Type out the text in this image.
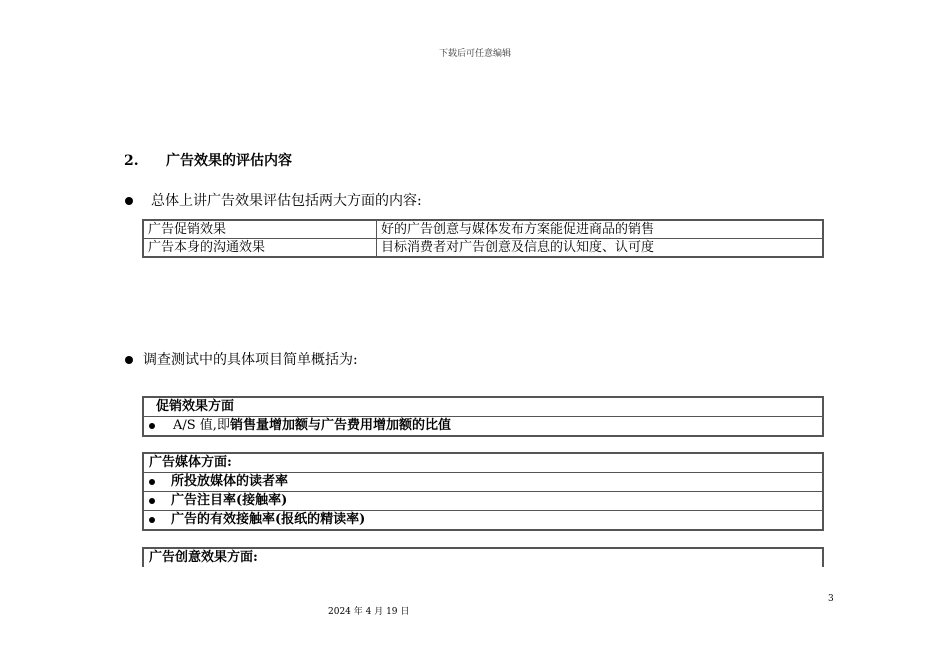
下载后可任意编辑
2. 广告效果的评估内容
总体上讲广告效果评估包括两大方面的内容:
广告促销效果	好的广告创意与媒体发布方案能促进商品的销售
广告本身的沟通效果	目标消费者对广告创意及信息的认知度、认可度
调查测试中的具体项目简单概括为:
促销效果方面
A/S 值,即销售量增加额与广告费用增加额的比值
广告媒体方面:
所投放媒体的读者率
广告注目率(接触率)
广告的有效接触率(报纸的精读率)
广告创意效果方面:
3
2024 年 4 月 19 日
